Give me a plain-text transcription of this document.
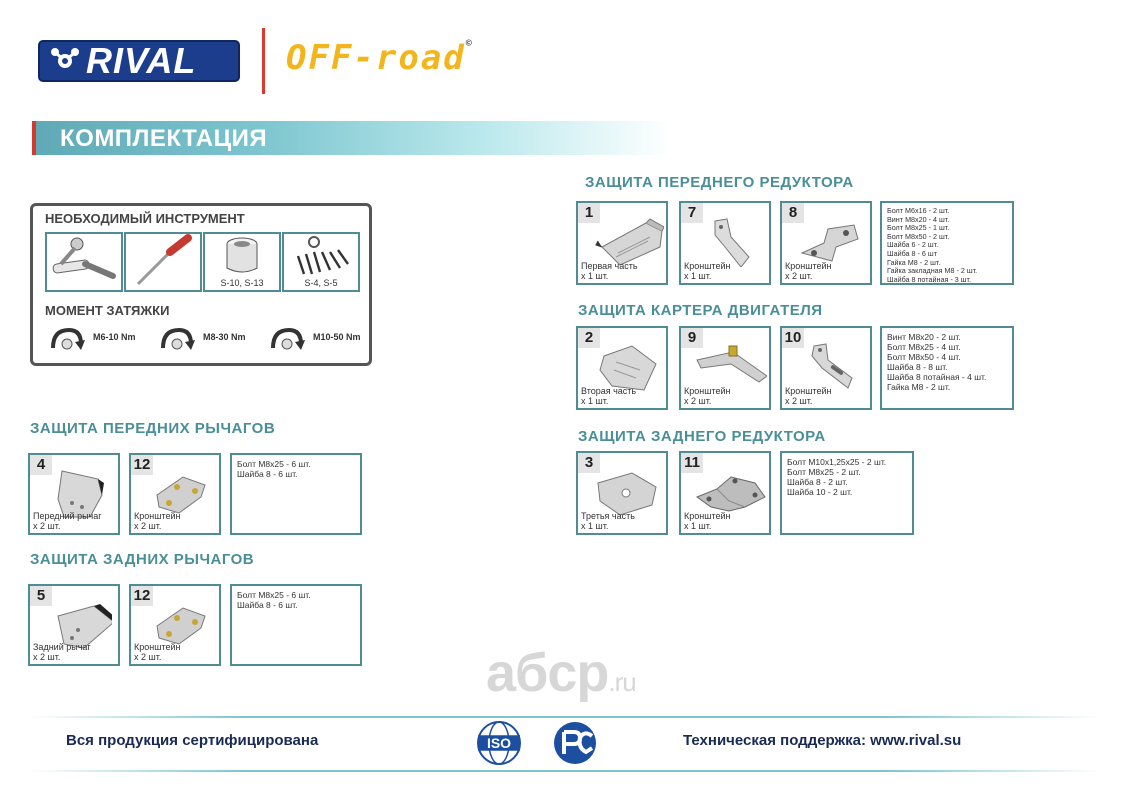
RIVAL	OFF-road©
КОМПЛЕКТАЦИЯ
НЕОБХОДИМЫЙ ИНСТРУМЕНТ
S-10, S-13	S-4, S-5
МОМЕНТ ЗАТЯЖКИ
M6-10 Nm	M8-30 Nm	M10-50 Nm
ЗАЩИТА ПЕРЕДНИХ РЫЧАГОВ
4
Передний рычаг
х 2 шт.
12
Кронштейн
х 2 шт.
Болт М8х25 - 6 шт.
Шайба 8 - 6 шт.
ЗАЩИТА ЗАДНИХ РЫЧАГОВ
5
Задний рычаг
х 2 шт.
12
Кронштейн
х 2 шт.
Болт М8х25 - 6 шт.
Шайба 8 - 6 шт.
ЗАЩИТА ПЕРЕДНЕГО РЕДУКТОРА
1
Первая часть
х 1 шт.
7
Кронштейн
х 1 шт.
8
Кронштейн
х 2 шт.
Болт М6х16 - 2 шт.
Винт М8х20 - 4 шт.
Болт М8х25 - 1 шт.
Болт М8х50 - 2 шт.
Шайба 6 - 2 шт.
Шайба 8 - 6 шт
Гайка М8 - 2 шт.
Гайка закладная М8 - 2 шт.
Шайба 8 потайная - 3 шт.
ЗАЩИТА КАРТЕРА ДВИГАТЕЛЯ
2
Вторая часть
х 1 шт.
9
Кронштейн
х 2 шт.
10
Кронштейн
х 2 шт.
Винт М8х20 - 2 шт.
Болт М8х25 - 4 шт.
Болт М8х50 - 4 шт.
Шайба 8 - 8 шт.
Шайба 8 потайная - 4 шт.
Гайка М8 - 2 шт.
ЗАЩИТА ЗАДНЕГО РЕДУКТОРА
3
Третья часть
х 1 шт.
11
Кронштейн
х 1 шт.
Болт М10х1,25х25 - 2 шт.
Болт М8х25 - 2 шт.
Шайба 8 - 2 шт.
Шайба 10 - 2 шт.
aбcp.ru
Вся продукция сертифицирована	ISO	Техническая поддержка: www.rival.su
